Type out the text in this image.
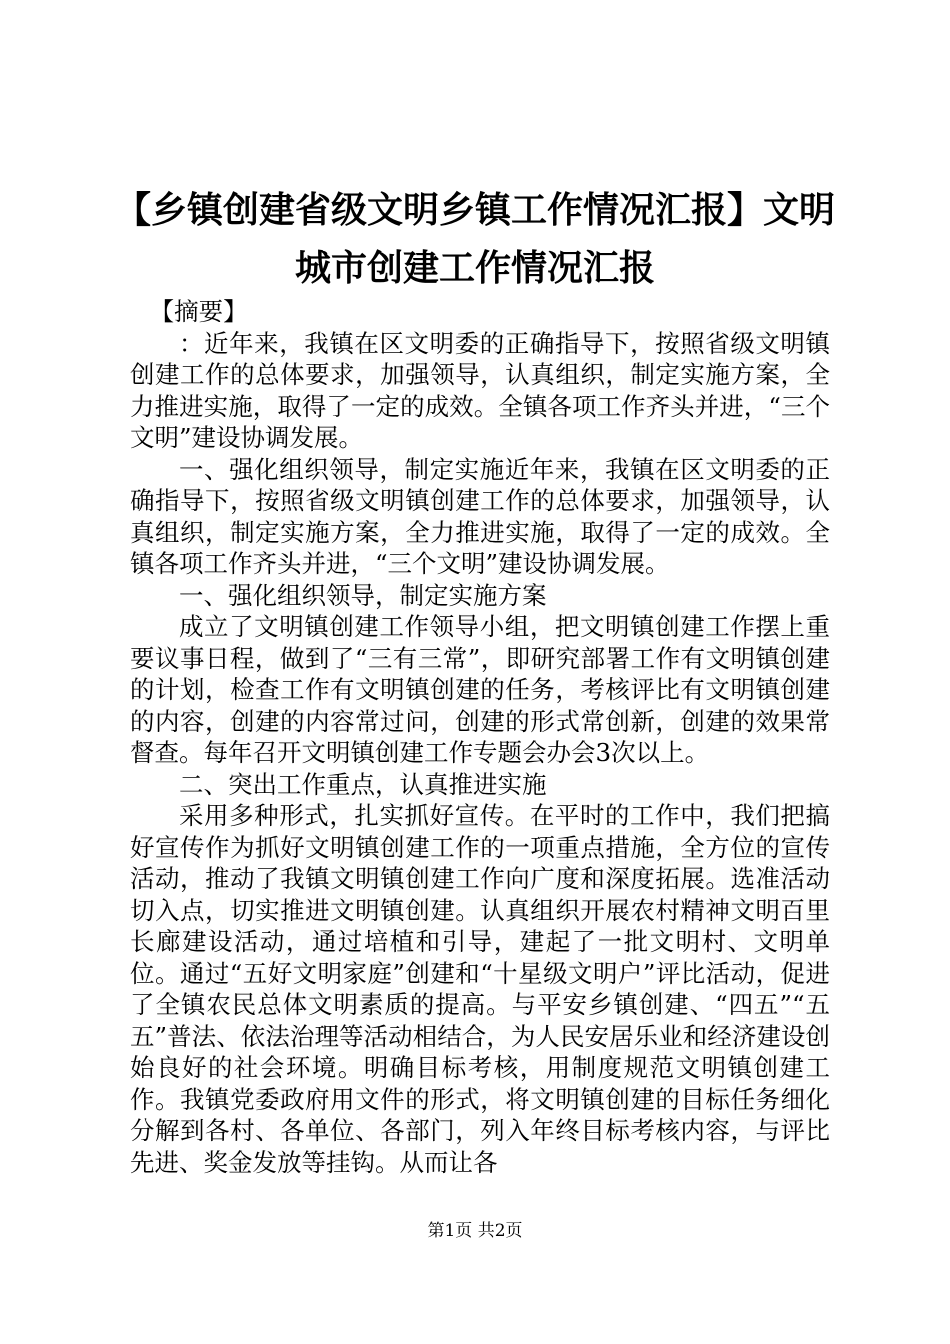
【乡镇创建省级文明乡镇工作情况汇报】文明
城市创建工作情况汇报

【摘要】

：近年来，我镇在区文明委的正确指导下，按照省级文明镇创建工作的总体要求，加强领导，认真组织，制定实施方案，全力推进实施，取得了一定的成效。全镇各项工作齐头并进，“三个文明”建设协调发展。

一、强化组织领导，制定实施近年来，我镇在区文明委的正确指导下，按照省级文明镇创建工作的总体要求，加强领导，认真组织，制定实施方案，全力推进实施，取得了一定的成效。全镇各项工作齐头并进，“三个文明”建设协调发展。

一、强化组织领导，制定实施方案

成立了文明镇创建工作领导小组，把文明镇创建工作摆上重要议事日程，做到了“三有三常”，即研究部署工作有文明镇创建的计划，检查工作有文明镇创建的任务，考核评比有文明镇创建的内容，创建的内容常过问，创建的形式常创新，创建的效果常督查。每年召开文明镇创建工作专题会办会3次以上。

二、突出工作重点，认真推进实施

采用多种形式，扎实抓好宣传。在平时的工作中，我们把搞好宣传作为抓好文明镇创建工作的一项重点措施，全方位的宣传活动，推动了我镇文明镇创建工作向广度和深度拓展。选准活动切入点，切实推进文明镇创建。认真组织开展农村精神文明百里长廊建设活动，通过培植和引导，建起了一批文明村、文明单位。通过“五好文明家庭”创建和“十星级文明户”评比活动，促进了全镇农民总体文明素质的提高。与平安乡镇创建、“四五”“五五”普法、依法治理等活动相结合，为人民安居乐业和经济建设创始良好的社会环境。明确目标考核，用制度规范文明镇创建工作。我镇党委政府用文件的形式，将文明镇创建的目标任务细化分解到各村、各单位、各部门，列入年终目标考核内容，与评比先进、奖金发放等挂钩。从而让各

第1页 共2页
